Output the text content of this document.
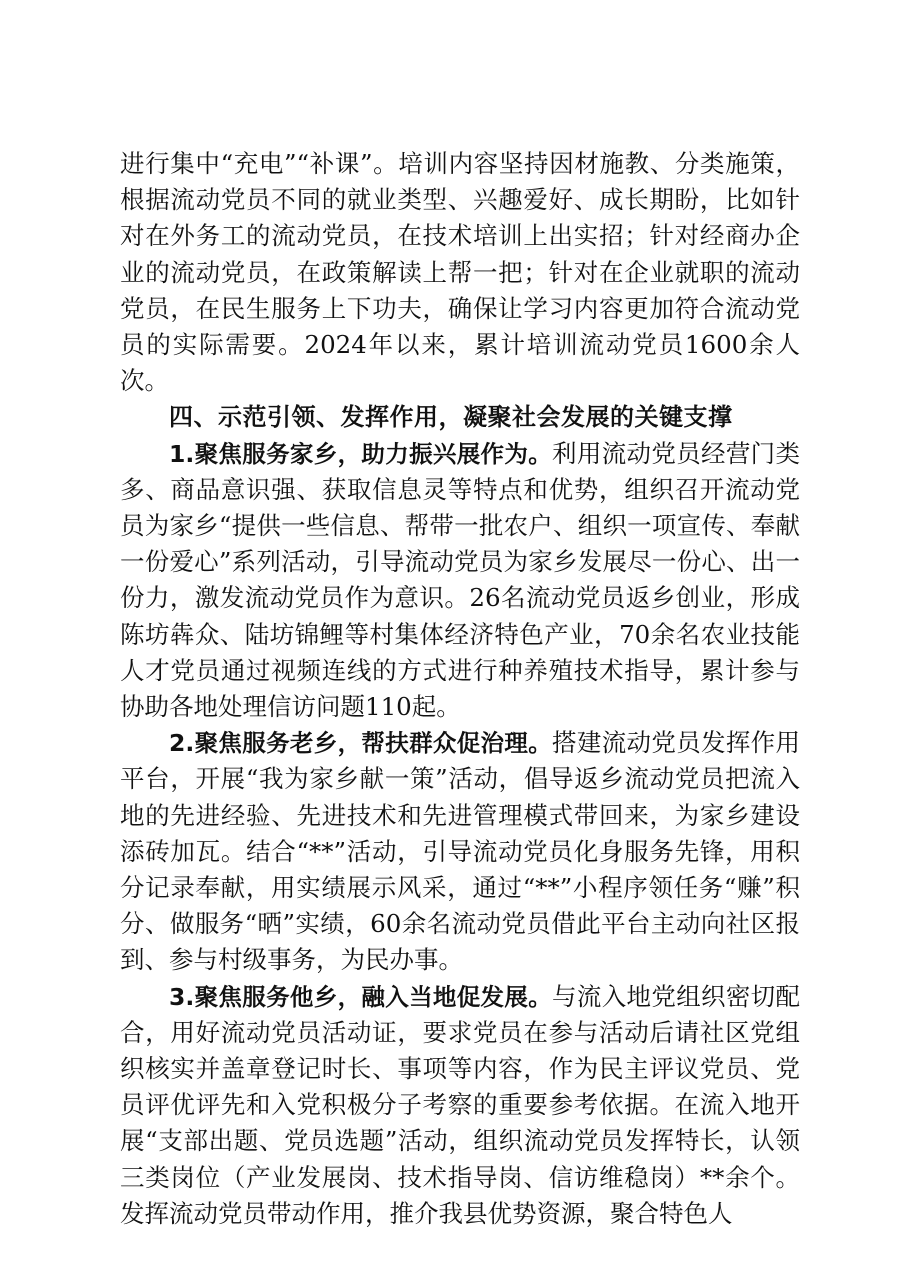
进行集中“充电”“补课”。培训内容坚持因材施教、分类施策，根据流动党员不同的就业类型、兴趣爱好、成长期盼，比如针对在外务工的流动党员，在技术培训上出实招；针对经商办企业的流动党员，在政策解读上帮一把；针对在企业就职的流动党员，在民生服务上下功夫，确保让学习内容更加符合流动党员的实际需要。2024年以来，累计培训流动党员1600余人次。

四、示范引领、发挥作用，凝聚社会发展的关键支撑

1.聚焦服务家乡，助力振兴展作为。利用流动党员经营门类多、商品意识强、获取信息灵等特点和优势，组织召开流动党员为家乡“提供一些信息、帮带一批农户、组织一项宣传、奉献一份爱心”系列活动，引导流动党员为家乡发展尽一份心、出一份力，激发流动党员作为意识。26名流动党员返乡创业，形成陈坊犇众、陆坊锦鲤等村集体经济特色产业，70余名农业技能人才党员通过视频连线的方式进行种养殖技术指导，累计参与协助各地处理信访问题110起。

2.聚焦服务老乡，帮扶群众促治理。搭建流动党员发挥作用平台，开展“我为家乡献一策”活动，倡导返乡流动党员把流入地的先进经验、先进技术和先进管理模式带回来，为家乡建设添砖加瓦。结合“**”活动，引导流动党员化身服务先锋，用积分记录奉献，用实绩展示风采，通过“**”小程序领任务“赚”积分、做服务“晒”实绩，60余名流动党员借此平台主动向社区报到、参与村级事务，为民办事。

3.聚焦服务他乡，融入当地促发展。与流入地党组织密切配合，用好流动党员活动证，要求党员在参与活动后请社区党组织核实并盖章登记时长、事项等内容，作为民主评议党员、党员评优评先和入党积极分子考察的重要参考依据。在流入地开展“支部出题、党员选题”活动，组织流动党员发挥特长，认领三类岗位（产业发展岗、技术指导岗、信访维稳岗）**余个。发挥流动党员带动作用，推介我县优势资源，聚合特色人
